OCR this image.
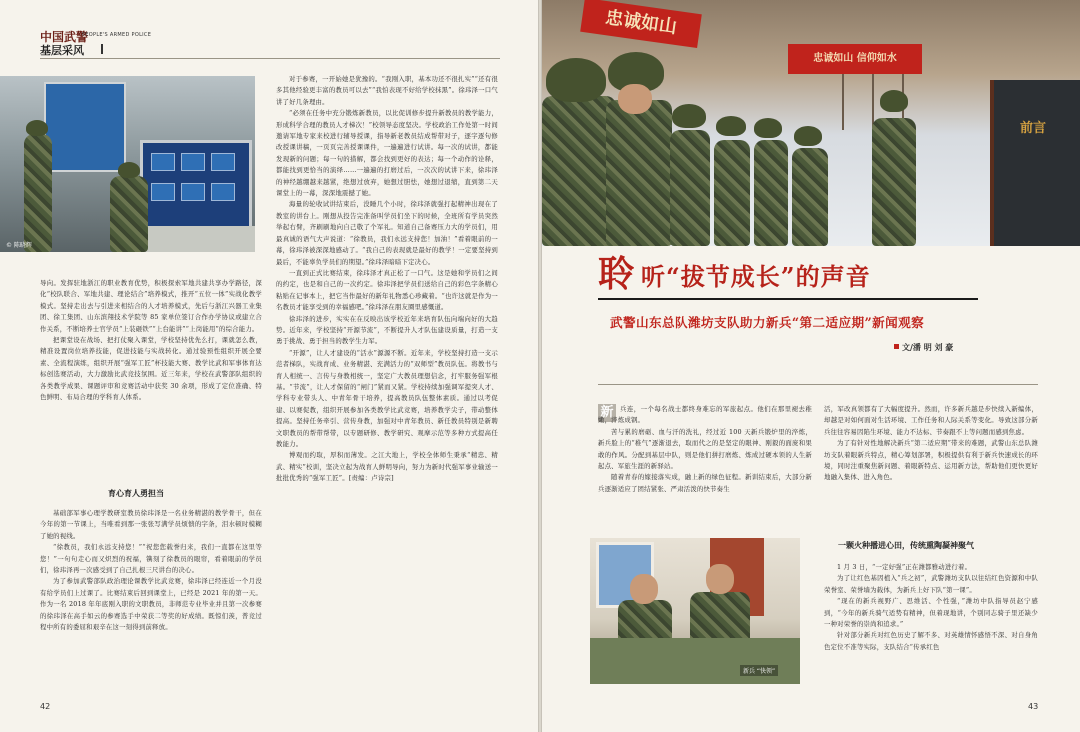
中国武警
PEOPLE'S ARMED POLICE
基层采风
© 陈晓辉

导向。发挥驻地浙江的职业教育优势，积极探索军地共建共享办学路径，深化“校队联合、军地共建、理论结合”培养模式，推开“五位一体”实战化教学模式。坚持走出去与引进来相结合的人才培养模式，先后与浙江兴器工业集团、徐工集团、山东滨翔技术学院等 85 家单位签订合作办学协议或建立合作关系，不断培养士官学员“上装砸铁”“上台能讲”“上岗能用”的综合能力。

把课堂设在战场、把打仗聚入课堂，学校坚持优先么打，课就怎么教，精准设置岗位培养技能，促进技能与实战转化。通过验预性组织开展全要素、全流程演练，组织开展“强军工匠”杯技能大赛、教学比武和军事体育达标创选赛活动，大力激励比武竞技氛围。近三年来，学校在武警部队组织的各类教学成果、课题评审和竞赛活动中获奖 30 余项，形成了定位准确、特色鲜明、布局合理的学科育人体系。

育心育人勇担当

基础部军事心理学教研室教员徐玮泽是一名业务精湛的教学骨干，但在今年的第一节课上，当唯看到那一张张写满学员烦愦的字条，泪水顿时模糊了她的视线。

“徐教员，我们永远支持您！”“祝您您载誉归来，我们一直都在这里等您！”一句句走心而又炽烈的祝福，镌刻了徐教员的眼帘，看着眼前的学员们，徐玮泽再一次感受到了自己扎根三尺讲台的决心。

为了参加武警部队政治理论课教学比武竞赛，徐玮泽已经连近一个月没有给学员们上过课了。比赛结束后回到课堂上，已经是 2021 年的第一天。作为一名 2018 年年底刚入职的文职教员，非师范专业毕业并且第一次参赛的徐玮泽在高手如云的参赛选手中荣获二等奖的好成绩。既惊们羡，普竞过程中所有的委屈和艰辛在这一刻得到前释放。

对于参赛，一开始她是犹豫的。“我刚入职，基本功还不很扎实”“还有很多其他经验更丰富的教员可以去”“我怕表现不好给学校抹黑”。徐玮泽一口气讲了好几条理由。

“必须在任务中充分锻炼新教员，以比促训修步提升新教员的教学能力，形成科学合理的教员人才梯次！”校领导态度坚决。学校政治工作处第一时间邀请军地专家来校进行辅导授课，指导新老教员结成帮带对子，逐字逐句修改授课讲稿，一页页完善授课课件，一遍遍进行试讲。每一次的试讲，都能发现新的问题；每一句的措解，都会找到更好的表达；每一个动作的诠释，都能找到更恰当的演绎……一遍遍的打磨过后，一次次的试讲下来，徐玮泽的神经越绷越来越紧，绝想过放弃，她想过胆怯，她想过退缩，直到第二天课堂上的一幕，深深地震撼了她。

海量的轮收试讲结束后，没睡几个小时，徐玮泽就强打起精神出现在了教室的讲台上。刚想从投告完准备叫学员们坐下的时候，全班所有学员突然举起右臂，齐刷刷地向自己敬了个军礼。知道自己备赛压力大的学员们，用最真诚的语气大声说道：“徐教员，我们永远支持您！加油！”看着眼前的一幕，徐玮泽被深深地感动了。“我自己的表现就是最好的教学！一定要坚持到最后，不能辜负学员们的期望。”徐玮泽暗暗下定决心。

一直到正式比赛结束，徐玮泽才真正松了一口气。这是她和学员们之间的约定，也是和自己的一次约定。徐玮泽把学员们送给自己的彩色字条精心粘贴在记事本上，把它当作最好的新年礼物悉心珍藏着。“也许这就是作为一名教员才能享受到的幸福感吧。”徐玮泽在朋友圈里感慨道。

徐玮泽的进步，实实在在反映出该学校近年来培育队伍向端向好的大趋势。近年来，学校坚持“开源节流”，不断提升人才队伍建设质量，打造一支勇于挑战、勇于担当的教学生力军。

“开源”，让人才建设的“活水”源源不断。近年来，学校坚持打造一支示范者梯队，实战育成、业务精湛、充满活力的“双师型”教员队伍。将教书与育人相统一、言传与身教相统一，坚定广大教员理想信念，打牢服务强军根基。“节流”，让人才保留的“闸门”紧而又紧。学校持续加强调军提突人才、学科专业带头人、中青年骨干培养，提高教员队伍整体素质。通过以考促建、以赛促教，组织开展参加各类教学比武竞赛，培养教学尖子，带动整体提高。坚持任务牵引、营传身教，加强对中青年教员、新任教员特别是新聘文职教员的帮带帮带，以专题研修、教学研究、观摩示范等多种方式提高任教能力。

博观而约取，厚积而薄发。之江大地上，学校全体师生秉承“精忠、精武、精实”校训，坚决立起为战育人鲜明导向，努力为新时代强军事业输送一批批优秀的“强军工匠”。[责编：卢诗宗]

42
忠诚如山
忠诚如山 信仰如水
前言
聆 听“拔节成长”的声音
武警山东总队潍坊支队助力新兵“第二适应期”新闻观察
文/潘 明 刘 豪
新	兵连，一个每名战士都终身难忘的军旅起点。他们在那里褪去稚嫩，淬炼成钢。

苦与累的磨砺、血与汗的洗礼，经过近 100 天新兵锻炉里的淬炼，新兵脸上的“稚气”逐渐退去，取而代之的是坚定的眼神、刚毅的面庞和果敢的作风。分配到基层中队，则是他们拼打磨炼、炼成过硬本领的人生新起点、军旅生涯的新驿站。

随着青春的嫁接落实成，融上新的绿色征程。新训结束后，大部分新兵逐渐适应了团结紧张、严肃活泼的快节奏生

新兵 “快领”

活，军改真领都有了大幅度提升。然而，许多新兵越是步快续入新编体，却越是对如何面对生活环境、工作任务和人际关系等变化。导致这部分新兵往往容易因陷生环境、能力不达标、节奏跟不上等问题而感到焦虑。

为了有针对性地解决新兵“第二适应期”带来的难题，武警山东总队潍坊支队着眼新兵特点，精心筹划部署，积极提供有利于新兵快速成长的环境，同时注重聚焦新问题、着眼新特点、运用新方法，帮助他们更快更好地融入集体、进入角色。

一颗火种播进心田，传统熏陶凝神聚气

1 月 3 日，“一定好强”正在潍都雅动进行着。

为了让红色基因植入“兵之初”，武警潍坊支队以往结红色资源和中队荣誉室、荣誉墙为载体，为新兵上好下队“第一课”。

“现在的新兵视野广、思维活、个性强，”潍坊中队指导员赵宁感到，“今年的新兵骑气适势有精神，但着现地讲，个别同志骑子里还缺少一种对荣誉的崇尚和追求。”

针对部分新兵对红色历史了解不多、对英雄情怀感悟不深、对自身角色定位不准等实际，支队结合“传承红色

43
